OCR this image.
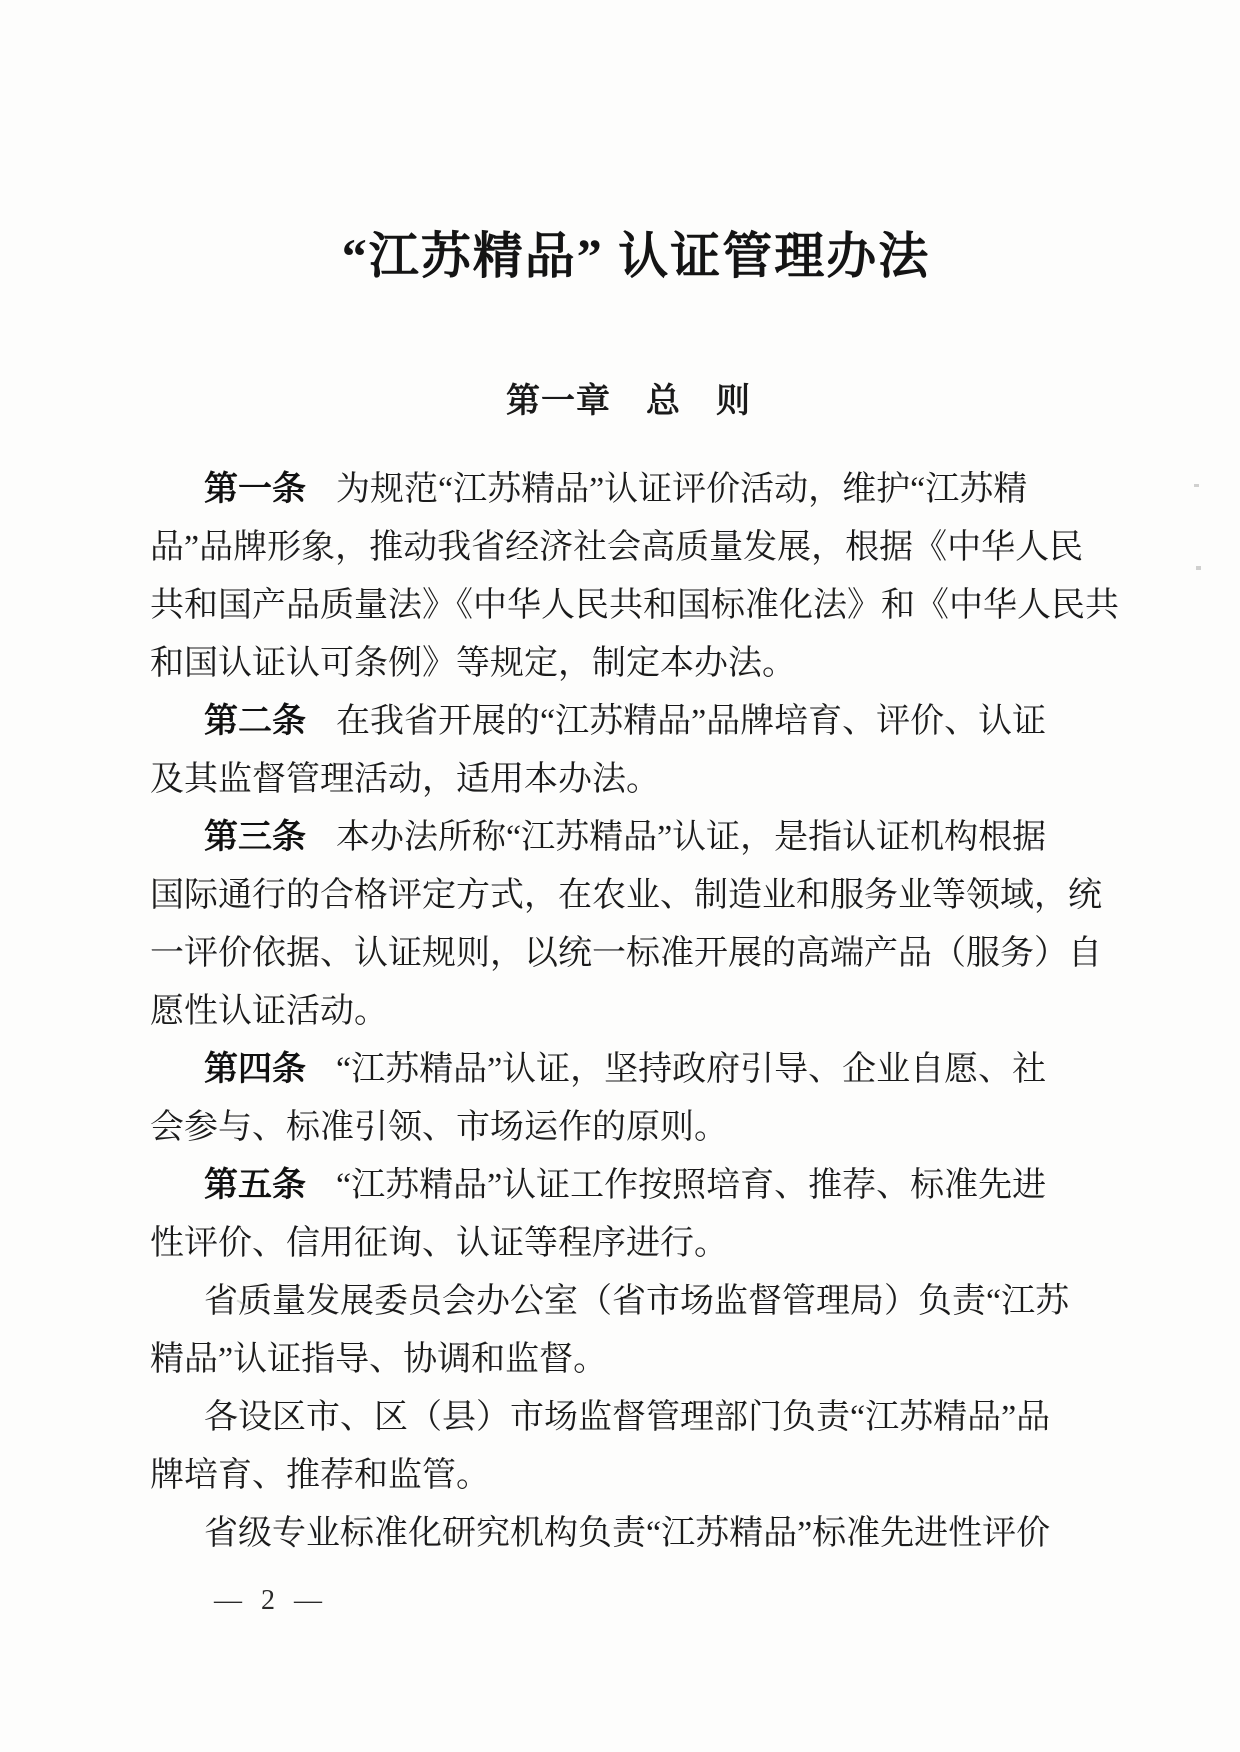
“江苏精品” 认证管理办法
第一章　总　则

第一条 为规范“江苏精品”认证评价活动，维护“江苏精

品”品牌形象，推动我省经济社会高质量发展，根据《中华人民

共和国产品质量法》《中华人民共和国标准化法》和《中华人民共

和国认证认可条例》等规定，制定本办法。

第二条 在我省开展的“江苏精品”品牌培育、评价、认证

及其监督管理活动，适用本办法。

第三条 本办法所称“江苏精品”认证，是指认证机构根据

国际通行的合格评定方式，在农业、制造业和服务业等领域，统

一评价依据、认证规则，以统一标准开展的高端产品（服务）自

愿性认证活动。

第四条 “江苏精品”认证，坚持政府引导、企业自愿、社

会参与、标准引领、市场运作的原则。

第五条 “江苏精品”认证工作按照培育、推荐、标准先进

性评价、信用征询、认证等程序进行。

省质量发展委员会办公室（省市场监督管理局）负责“江苏

精品”认证指导、协调和监督。

各设区市、区（县）市场监督管理部门负责“江苏精品”品

牌培育、推荐和监管。

省级专业标准化研究机构负责“江苏精品”标准先进性评价

— 2 —
